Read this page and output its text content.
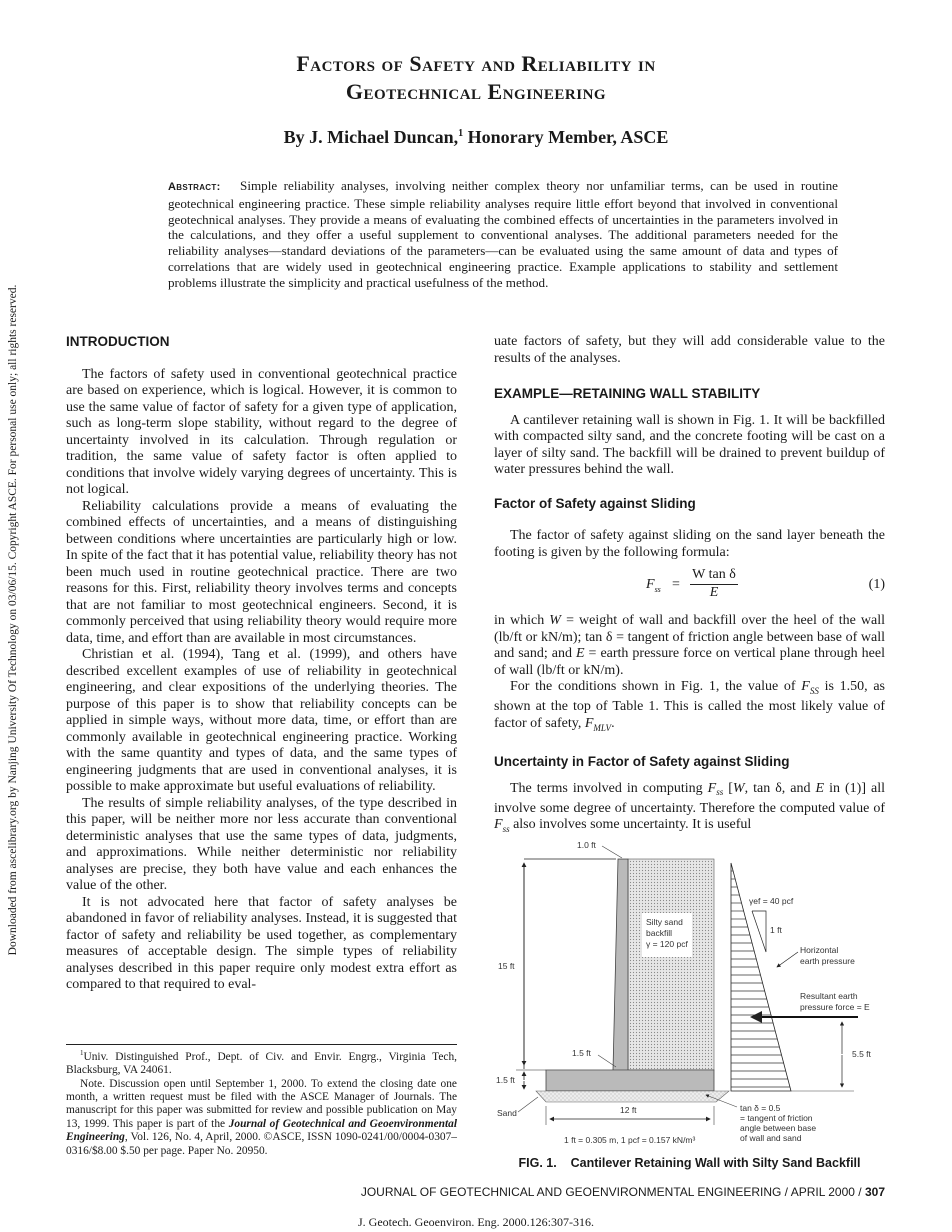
Factors of Safety and Reliability in
Geotechnical Engineering
By J. Michael Duncan,$^1$ Honorary Member, ASCE
Abstract: Simple reliability analyses, involving neither complex theory nor unfamiliar terms, can be used in routine geotechnical engineering practice. These simple reliability analyses require little effort beyond that involved in conventional geotechnical analyses. They provide a means of evaluating the combined effects of uncertainties in the parameters involved in the calculations, and they offer a useful supplement to conventional analyses. The additional parameters needed for the reliability analyses—standard deviations of the parameters—can be evaluated using the same amount of data and types of correlations that are widely used in geotechnical engineering practice. Example applications to stability and settlement problems illustrate the simplicity and practical usefulness of the method.
Downloaded from ascelibrary.org by Nanjing University Of Technology on 03/06/15. Copyright ASCE. For personal use only; all rights reserved.	INTRODUCTION

The factors of safety used in conventional geotechnical practice are based on experience, which is logical. However, it is common to use the same value of factor of safety for a given type of application, such as long-term slope stability, without regard to the degree of uncertainty involved in its calculation. Through regulation or tradition, the same value of safety factor is often applied to conditions that involve widely varying degrees of uncertainty. This is not logical.

Reliability calculations provide a means of evaluating the combined effects of uncertainties, and a means of distinguishing between conditions where uncertainties are particularly high or low. In spite of the fact that it has potential value, reliability theory has not been much used in routine geotechnical practice. There are two reasons for this. First, reliability theory involves terms and concepts that are not familiar to most geotechnical engineers. Second, it is commonly perceived that using reliability theory would require more data, time, and effort than are available in most circumstances.

Christian et al. (1994), Tang et al. (1999), and others have described excellent examples of use of reliability in geotechnical engineering, and clear expositions of the underlying theories. The purpose of this paper is to show that reliability concepts can be applied in simple ways, without more data, time, or effort than are commonly available in geotechnical engineering practice. Working with the same quantity and types of data, and the same types of engineering judgments that are used in conventional analyses, it is possible to make approximate but useful evaluations of reliability.

The results of simple reliability analyses, of the type described in this paper, will be neither more nor less accurate than conventional deterministic analyses that use the same types of data, judgments, and approximations. While neither deterministic nor reliability analyses are precise, they both have value and each enhances the value of the other.

It is not advocated here that factor of safety analyses be abandoned in favor of reliability analyses. Instead, it is suggested that factor of safety and reliability be used together, as complementary measures of acceptable design. The simple types of reliability analyses described in this paper require only modest extra effort as compared to that required to eval-

$^1$Univ. Distinguished Prof., Dept. of Civ. and Envir. Engrg., Virginia Tech, Blacksburg, VA 24061.

Note. Discussion open until September 1, 2000. To extend the closing date one month, a written request must be filed with the ASCE Manager of Journals. The manuscript for this paper was submitted for review and possible publication on May 13, 1999. This paper is part of the Journal of Geotechnical and Geoenvironmental Engineering, Vol. 126, No. 4, April, 2000. ©ASCE, ISSN 1090-0241/00/0004-0307–0316/$8.00 $.50 per page. Paper No. 20950.

uate factors of safety, but they will add considerable value to the results of the analyses.

EXAMPLE—RETAINING WALL STABILITY

A cantilever retaining wall is shown in Fig. 1. It will be backfilled with compacted silty sand, and the concrete footing will be cast on a layer of silty sand. The backfill will be drained to prevent buildup of water pressures behind the wall.

Factor of Safety against Sliding

The factor of safety against sliding on the sand layer beneath the footing is given by the following formula:

in which W = weight of wall and backfill over the heel of the wall (lb/ft or kN/m); tan δ = tangent of friction angle between base of wall and sand; and E = earth pressure force on vertical plane through heel of wall (lb/ft or kN/m).

For the conditions shown in Fig. 1, the value of $F_{SS}$ is 1.50, as shown at the top of Table 1. This is called the most likely value of factor of safety, $F_{MLV}$.

Uncertainty in Factor of Safety against Sliding

The terms involved in computing $F_{ss}$ [W, tan δ, and E in (1)] all involve some degree of uncertainty. Therefore the computed value of $F_{ss}$ also involves some uncertainty. It is useful

$F_{ss} = \frac{\text{W tan δ}}{E}$	(1)
Silty sand
backfill
γ = 120 pcf
1.0 ft
15 ft
1.5 ft
1.5 ft
Sand	12 ft
1 ft = 0.305 m, 1 pcf = 0.157 kN/m³
γef = 40 pcf
1 ft
Horizontal
earth pressure
Resultant earth
pressure force = E
5.5 ft
tan δ = 0.5
= tangent of friction
angle between base
of wall and sand
FIG. 1.    Cantilever Retaining Wall with Silty Sand Backfill
JOURNAL OF GEOTECHNICAL AND GEOENVIRONMENTAL ENGINEERING / APRIL 2000 / 307
J. Geotech. Geoenviron. Eng. 2000.126:307-316.
